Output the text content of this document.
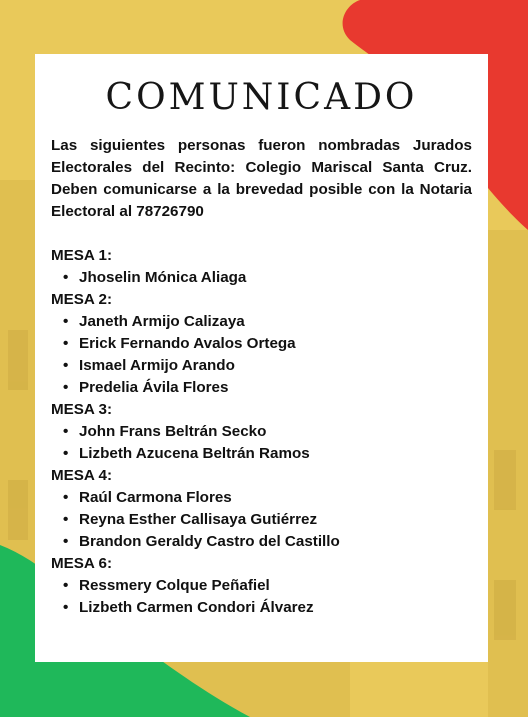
COMUNICADO

Las siguientes personas fueron nombradas Jurados Electorales del Recinto: Colegio Mariscal Santa Cruz. Deben comunicarse a la brevedad posible con la Notaria Electoral al 78726790

MESA 1:
• Jhoselin Mónica Aliaga
MESA 2:
• Janeth Armijo Calizaya
• Erick Fernando Avalos Ortega
• Ismael Armijo Arando
• Predelia Ávila Flores
MESA 3:
• John Frans Beltrán Secko
• Lizbeth Azucena Beltrán Ramos
MESA 4:
• Raúl Carmona Flores
• Reyna Esther Callisaya Gutiérrez
• Brandon Geraldy Castro del Castillo
MESA 6:
• Ressmery Colque Peñafiel
• Lizbeth Carmen Condori Álvarez
